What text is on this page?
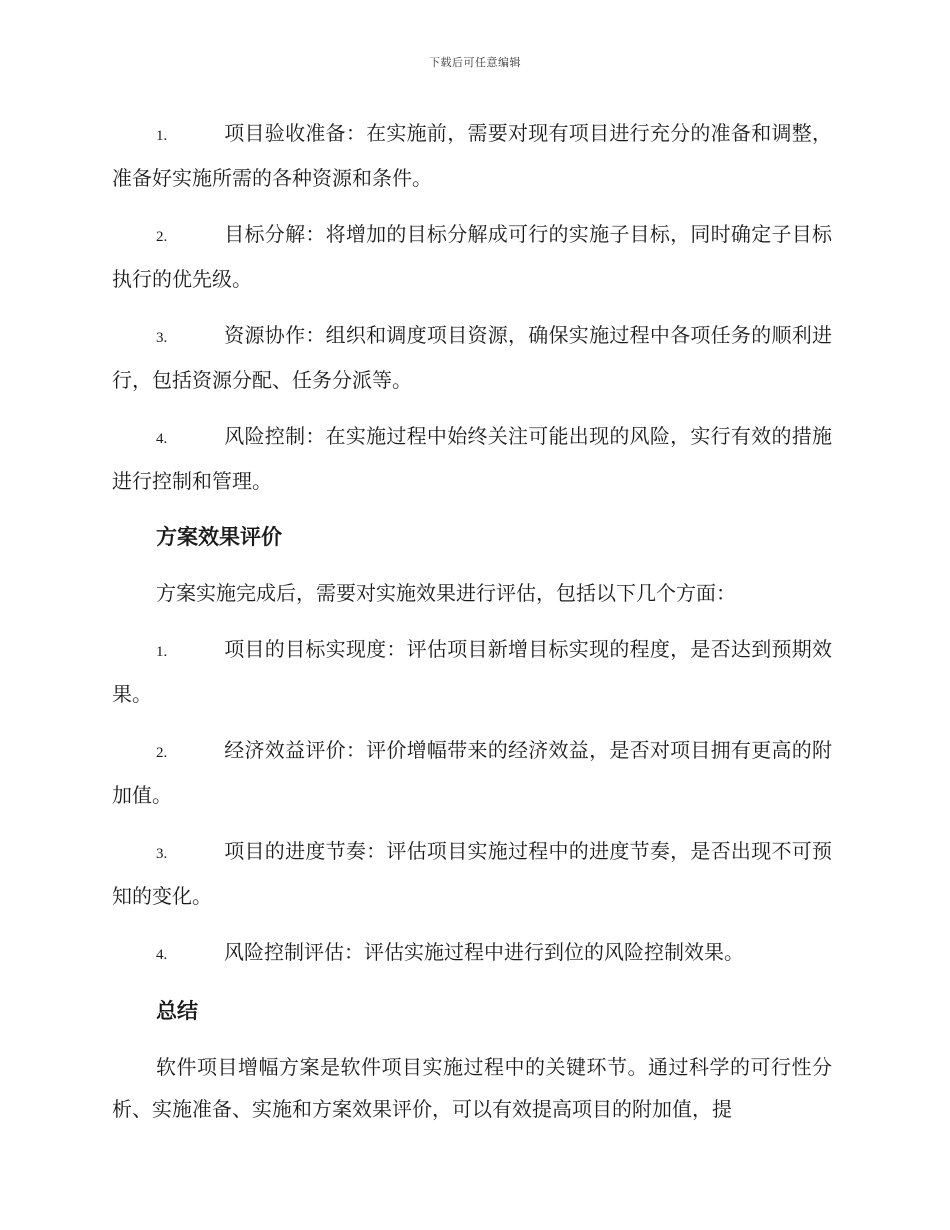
下载后可任意编辑

1.	项目验收准备：在实施前，需要对现有项目进行充分的准备和调整，准备好实施所需的各种资源和条件。

2.	目标分解：将增加的目标分解成可行的实施子目标，同时确定子目标执行的优先级。

3.	资源协作：组织和调度项目资源，确保实施过程中各项任务的顺利进行，包括资源分配、任务分派等。

4.	风险控制：在实施过程中始终关注可能出现的风险，实行有效的措施进行控制和管理。

方案效果评价

方案实施完成后，需要对实施效果进行评估，包括以下几个方面：

1.	项目的目标实现度：评估项目新增目标实现的程度，是否达到预期效果。

2.	经济效益评价：评价增幅带来的经济效益，是否对项目拥有更高的附加值。

3.	项目的进度节奏：评估项目实施过程中的进度节奏，是否出现不可预知的变化。

4.	风险控制评估：评估实施过程中进行到位的风险控制效果。

总结

软件项目增幅方案是软件项目实施过程中的关键环节。通过科学的可行性分析、实施准备、实施和方案效果评价，可以有效提高项目的附加值，提
